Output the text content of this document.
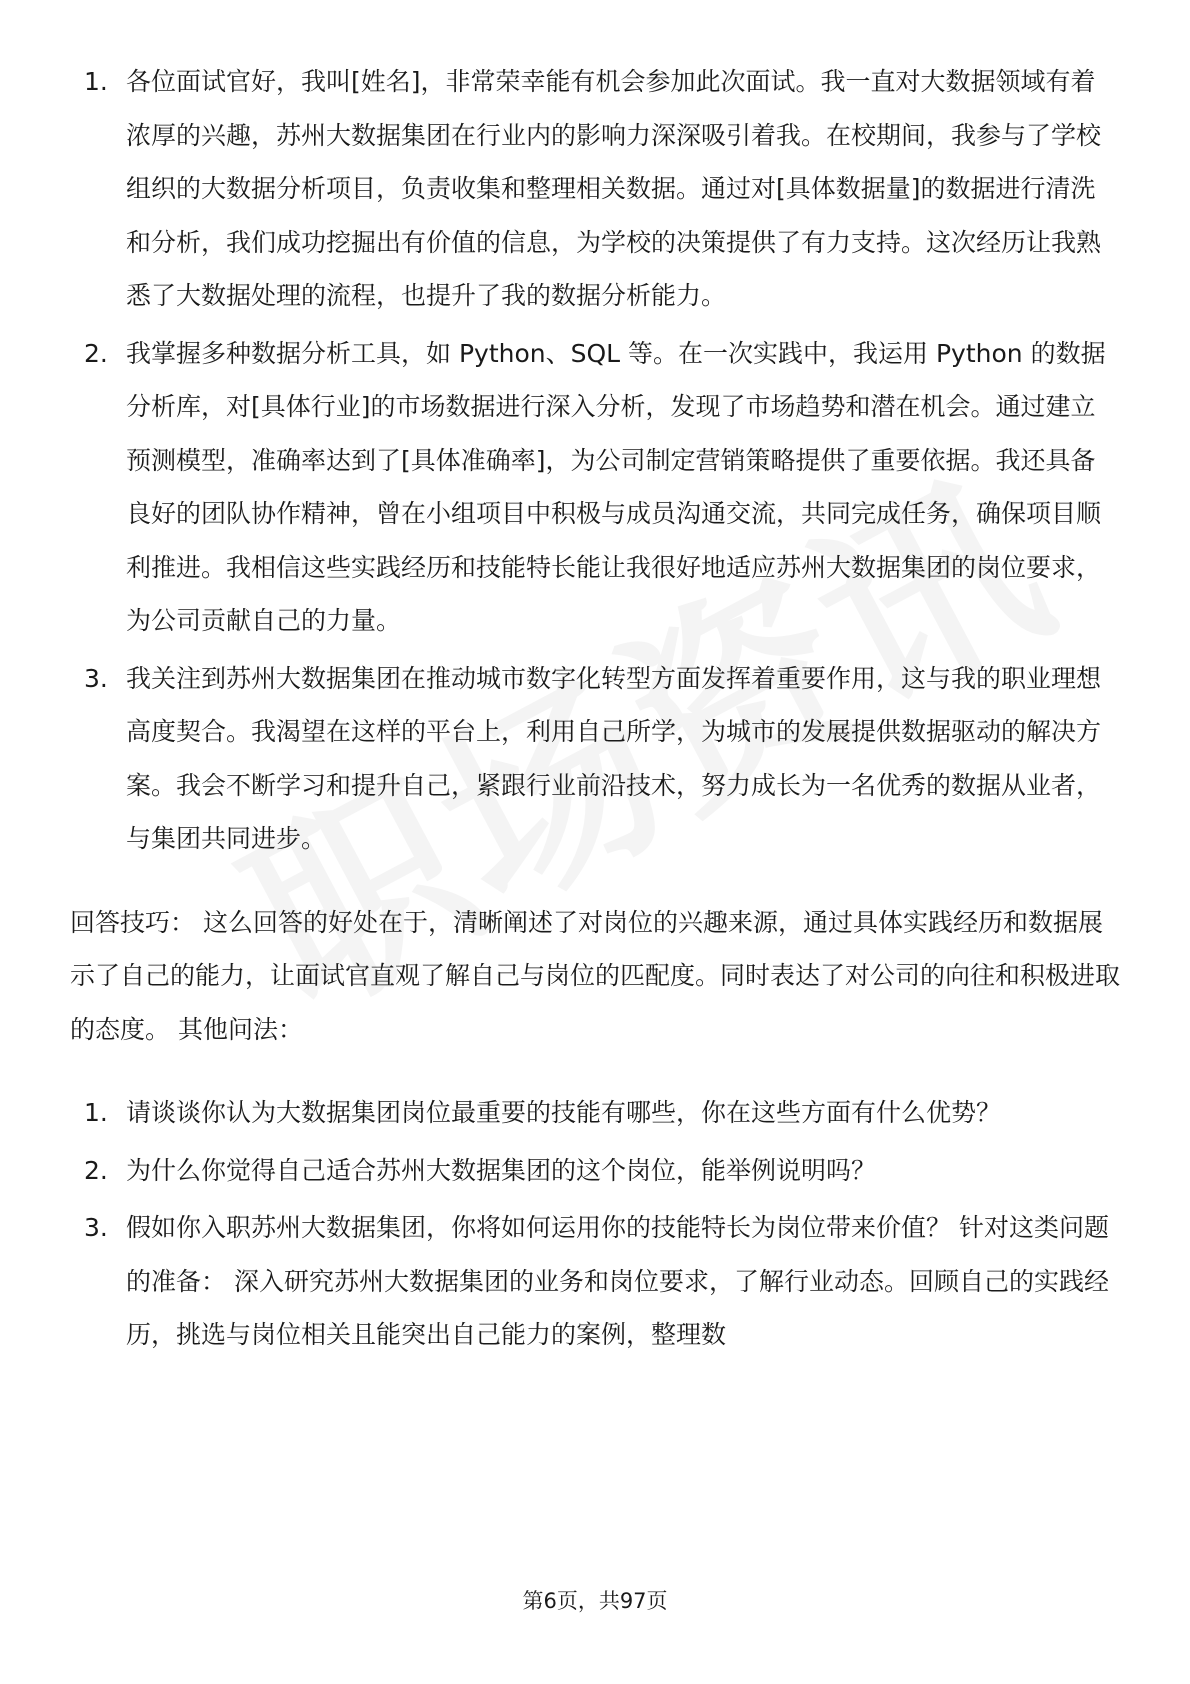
1. 各位面试官好，我叫[姓名]，非常荣幸能有机会参加此次面试。我一直对大数据领域有着浓厚的兴趣，苏州大数据集团在行业内的影响力深深吸引着我。在校期间，我参与了学校组织的大数据分析项目，负责收集和整理相关数据。通过对[具体数据量]的数据进行清洗和分析，我们成功挖掘出有价值的信息，为学校的决策提供了有力支持。这次经历让我熟悉了大数据处理的流程，也提升了我的数据分析能力。
2. 我掌握多种数据分析工具，如 Python、SQL 等。在一次实践中，我运用 Python 的数据分析库，对[具体行业]的市场数据进行深入分析，发现了市场趋势和潜在机会。通过建立预测模型，准确率达到了[具体准确率]，为公司制定营销策略提供了重要依据。我还具备良好的团队协作精神，曾在小组项目中积极与成员沟通交流，共同完成任务，确保项目顺利推进。我相信这些实践经历和技能特长能让我很好地适应苏州大数据集团的岗位要求，为公司贡献自己的力量。
3. 我关注到苏州大数据集团在推动城市数字化转型方面发挥着重要作用，这与我的职业理想高度契合。我渴望在这样的平台上，利用自己所学，为城市的发展提供数据驱动的解决方案。我会不断学习和提升自己，紧跟行业前沿技术，努力成长为一名优秀的数据从业者，与集团共同进步。

回答技巧： 这么回答的好处在于，清晰阐述了对岗位的兴趣来源，通过具体实践经历和数据展示了自己的能力，让面试官直观了解自己与岗位的匹配度。同时表达了对公司的向往和积极进取的态度。 其他问法：

1. 请谈谈你认为大数据集团岗位最重要的技能有哪些，你在这些方面有什么优势？
2. 为什么你觉得自己适合苏州大数据集团的这个岗位，能举例说明吗？
3. 假如你入职苏州大数据集团，你将如何运用你的技能特长为岗位带来价值？ 针对这类问题的准备： 深入研究苏州大数据集团的业务和岗位要求，了解行业动态。回顾自己的实践经历，挑选与岗位相关且能突出自己能力的案例，整理数
第6页，共97页
